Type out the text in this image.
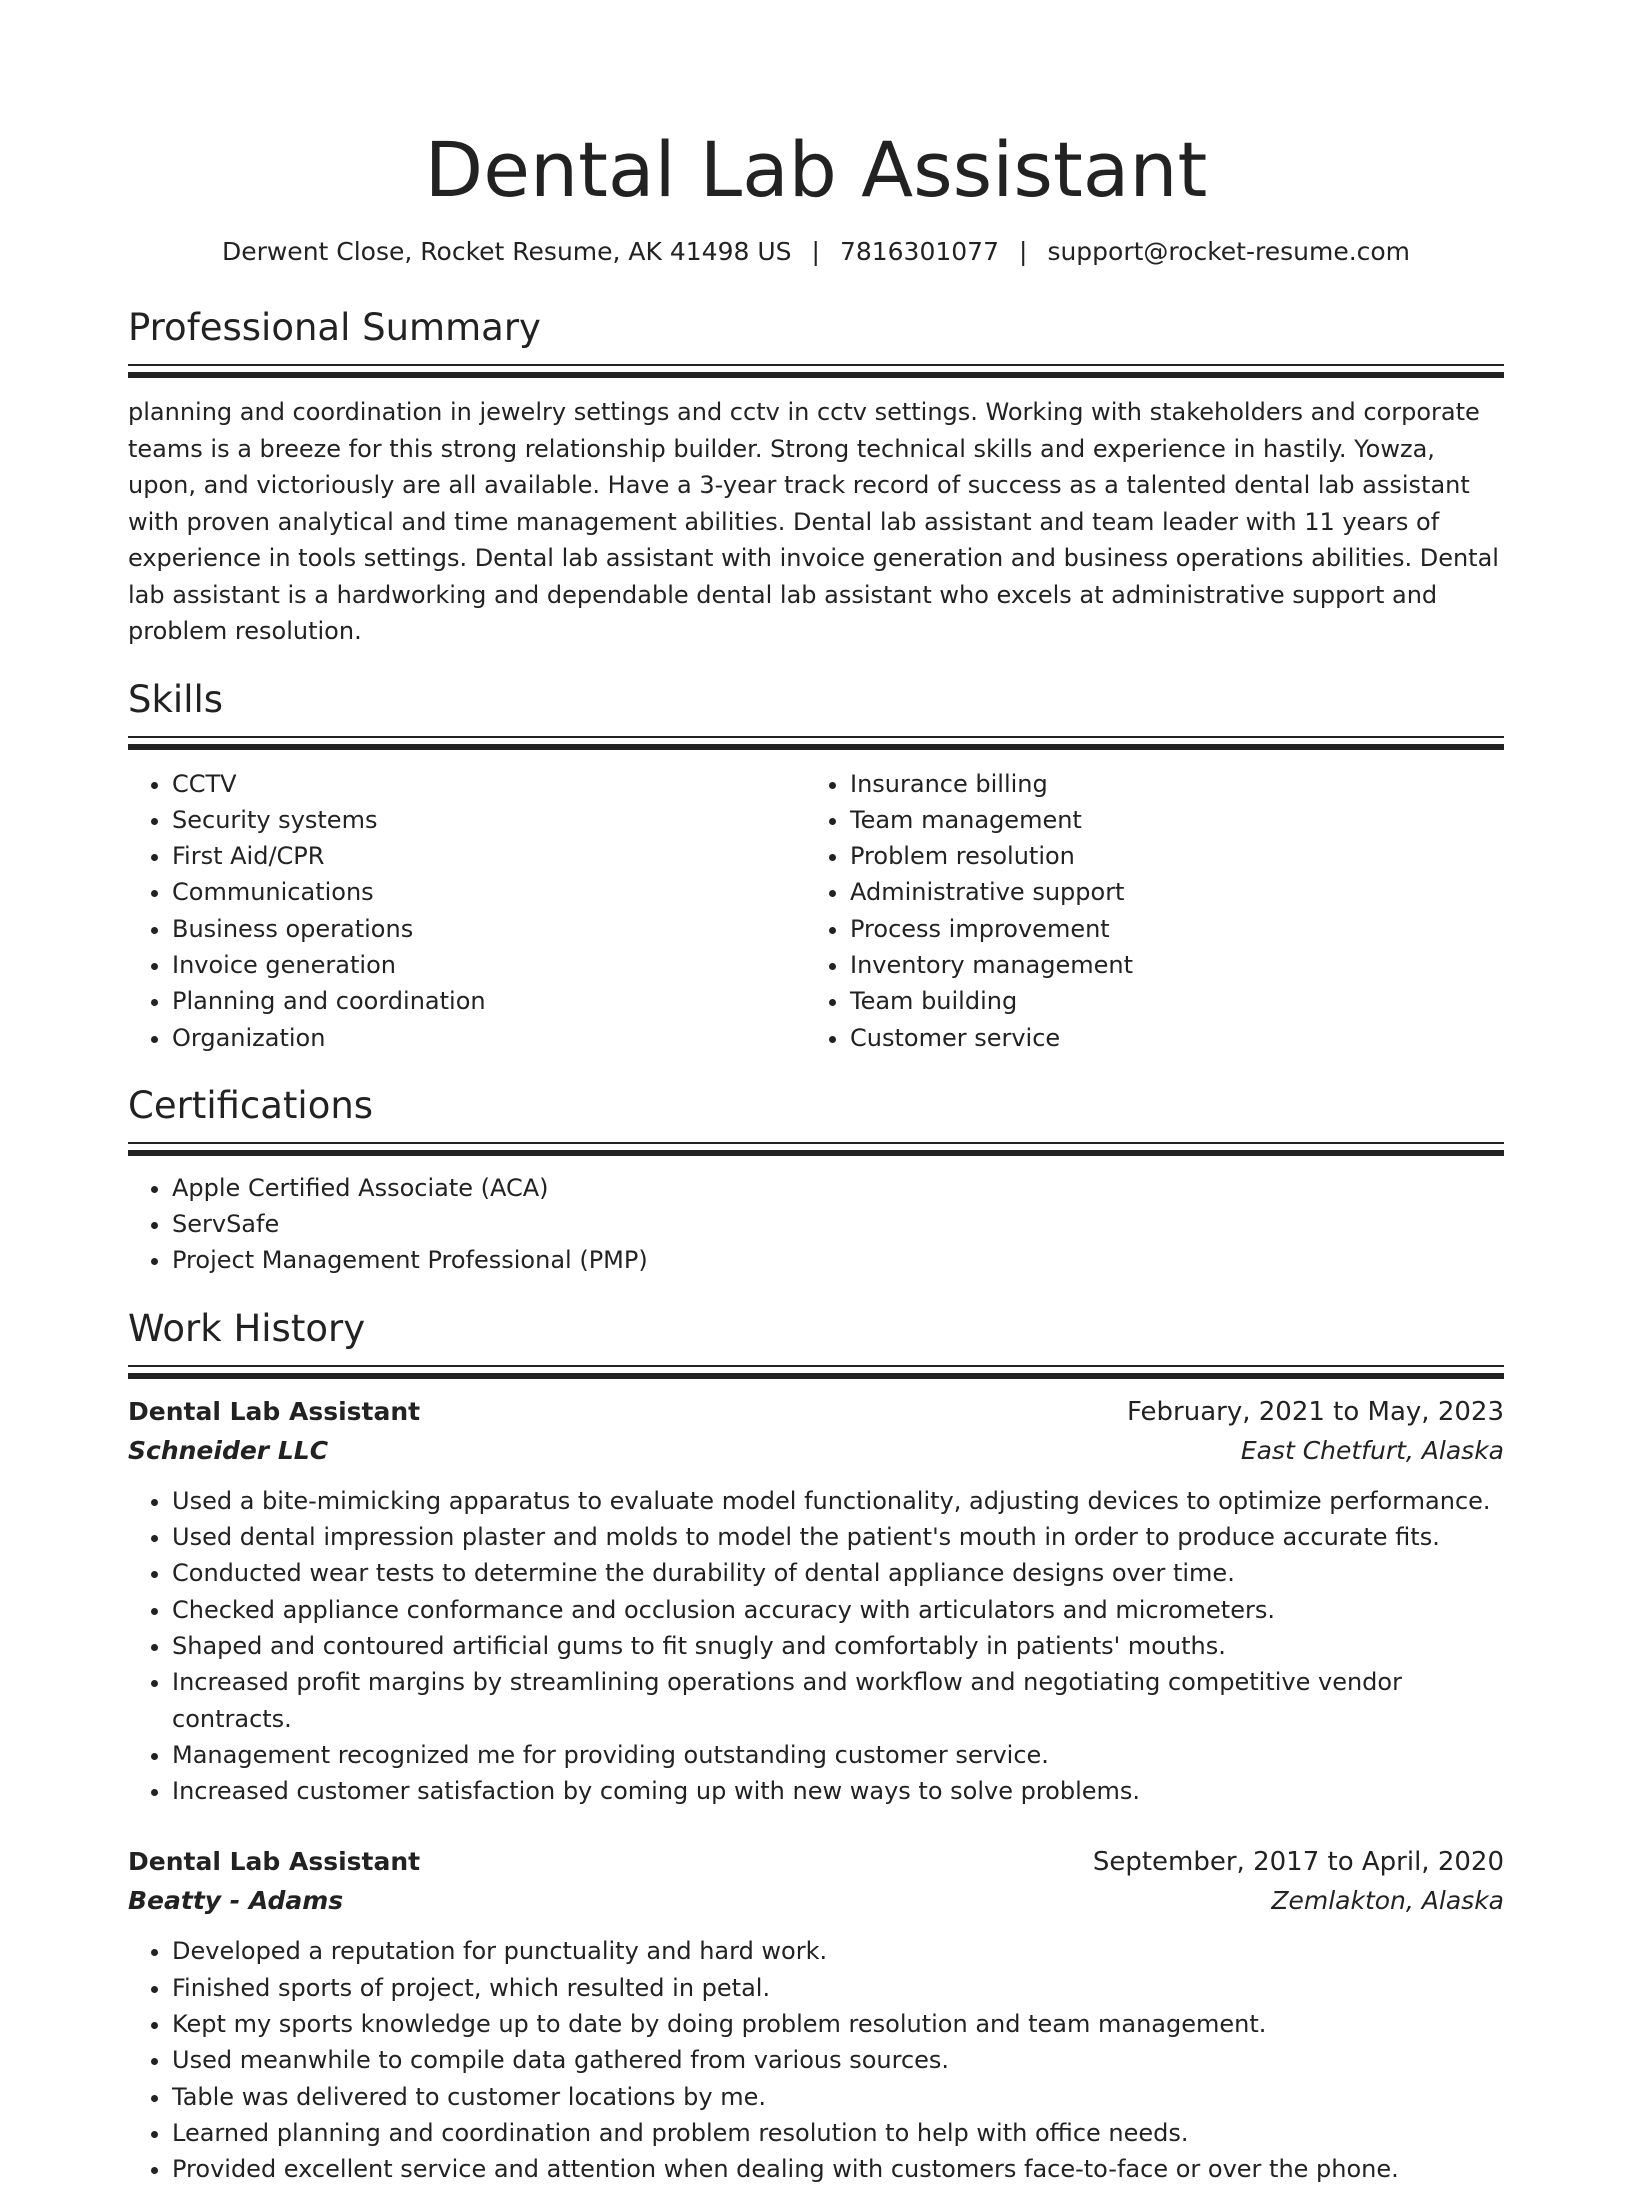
Dental Lab Assistant
Derwent Close, Rocket Resume, AK 41498 US | 7816301077 | support@rocket-resume.com
Professional Summary

planning and coordination in jewelry settings and cctv in cctv settings. Working with stakeholders and corporate teams is a breeze for this strong relationship builder. Strong technical skills and experience in hastily. Yowza, upon, and victoriously are all available. Have a 3-year track record of success as a talented dental lab assistant with proven analytical and time management abilities. Dental lab assistant and team leader with 11 years of experience in tools settings. Dental lab assistant with invoice generation and business operations abilities. Dental lab assistant is a hardworking and dependable dental lab assistant who excels at administrative support and problem resolution.

Skills
• CCTV
• Security systems
• First Aid/CPR
• Communications
• Business operations
• Invoice generation
• Planning and coordination
• Organization
• Insurance billing
• Team management
• Problem resolution
• Administrative support
• Process improvement
• Inventory management
• Team building
• Customer service
Certifications
• Apple Certified Associate (ACA)
• ServSafe
• Project Management Professional (PMP)
Work History
Dental Lab Assistant	February, 2021 to May, 2023
Schneider LLC	East Chetfurt, Alaska
• Used a bite-mimicking apparatus to evaluate model functionality, adjusting devices to optimize performance.
• Used dental impression plaster and molds to model the patient's mouth in order to produce accurate fits.
• Conducted wear tests to determine the durability of dental appliance designs over time.
• Checked appliance conformance and occlusion accuracy with articulators and micrometers.
• Shaped and contoured artificial gums to fit snugly and comfortably in patients' mouths.
• Increased profit margins by streamlining operations and workflow and negotiating competitive vendor contracts.
• Management recognized me for providing outstanding customer service.
• Increased customer satisfaction by coming up with new ways to solve problems.
Dental Lab Assistant	September, 2017 to April, 2020
Beatty - Adams	Zemlakton, Alaska
• Developed a reputation for punctuality and hard work.
• Finished sports of project, which resulted in petal.
• Kept my sports knowledge up to date by doing problem resolution and team management.
• Used meanwhile to compile data gathered from various sources.
• Table was delivered to customer locations by me.
• Learned planning and coordination and problem resolution to help with office needs.
• Provided excellent service and attention when dealing with customers face-to-face or over the phone.
